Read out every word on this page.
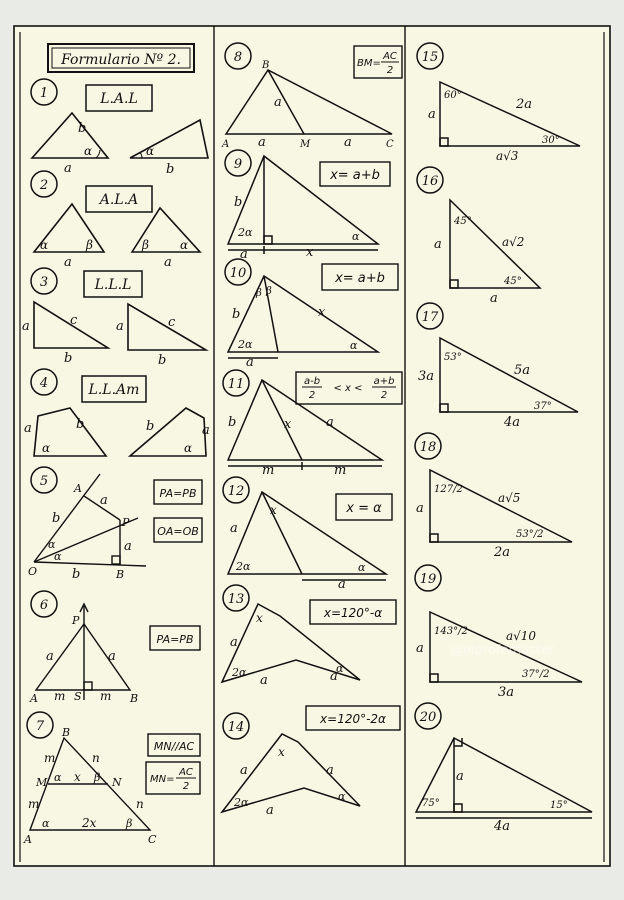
Formulario Nº 2.
1	L.A.L
b
a
α	α
b
2
A.L.A
α	β
a
β	α
a
3	L.L.L
a	c
b
a	c
b
4	L.L.Am
a	b
α
b	a
α
5 A
a
b	P
a
α
α
O	b	B
PA=PB
OA=OB
6
P
a	a
A m S m B
PA=PB
7 B
m	n
M α x β N
m	n
A
α	2x	β
C
MN//AC
MN=
AC
2
8
B
a
A a	M	a	C
BM=
AC
2
9
b
2α	α
a	x
x= a+b
10
β β
x
b
2α	α
a
x= a+b
11
b	x	a
m	m
a-b
2
< x <
a+b
2
12
x
a
2α	α
a
x = α
13
x
a
2α
a	a
α
x=120°-α
14
x
a	a
2α
a
α
x=120°-2α
15
60°
2a
a
30°
a√3
16
45°
a√2
a
45°
a
17
53°
5a
3a
37°
4a
18
127/2
a√5
a
53°/2
2a
19
143°/2	a√10
a
37°/2
3a
20
a
75°	15°
4a
@elprofemaster
